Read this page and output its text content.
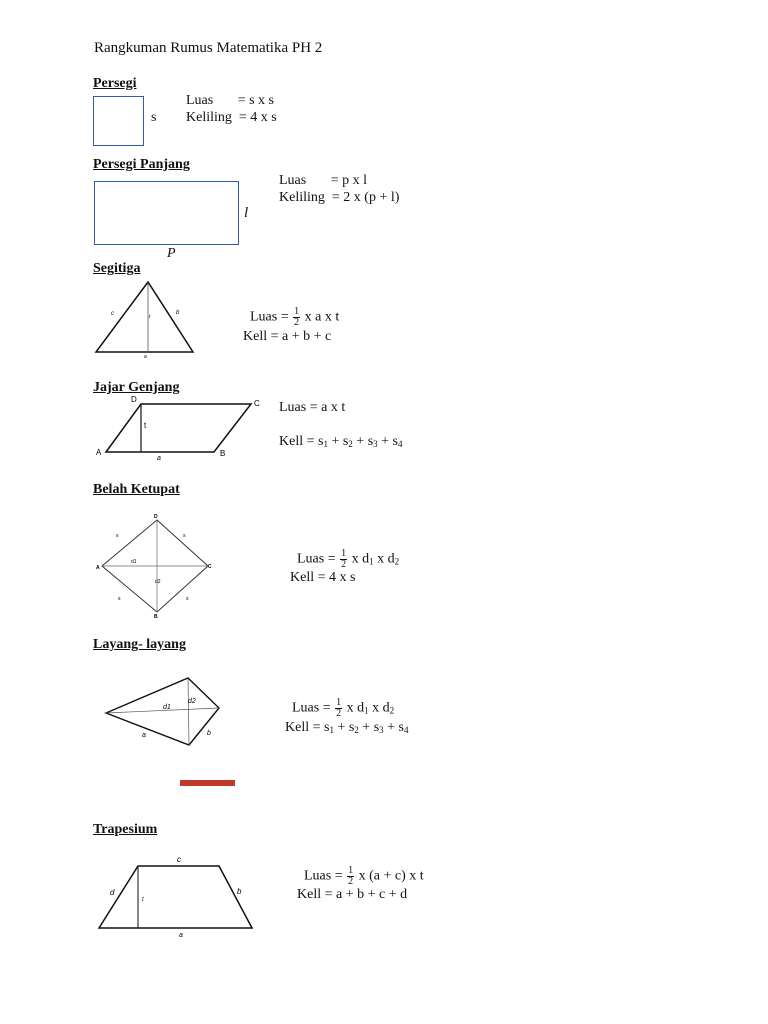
Rangkuman Rumus Matematika PH 2
Persegi
s
Luas       = s x s
Keliling  = 4 x s
Persegi Panjang
l
P
Luas       = p x l
Keliling  = 2 x (p + l)
Segitiga
c	t
b
a

Luas = $\frac{1}{2}$ x a x t

Kell = a + b + c
Jajar Genjang
D	C
A	B
t
a
Luas = a x t
Kell = $s_1 + s_2 + s_3 + s_4$
Belah Ketupat
D
A	C
B
d1
d2
s	s
s	s

Luas = $\frac{1}{2}$ x $d_1$ x $d_2$

Kell = 4 x s
Layang- layang
d1
d2
a	b

Luas = $\frac{1}{2}$ x $d_1$ x $d_2$

Kell = $s_1 + s_2 + s_3 + s_4$
Trapesium
c
d
t
b
a

Luas = $\frac{1}{2}$ x (a + c) x t

Kell = a + b + c + d
